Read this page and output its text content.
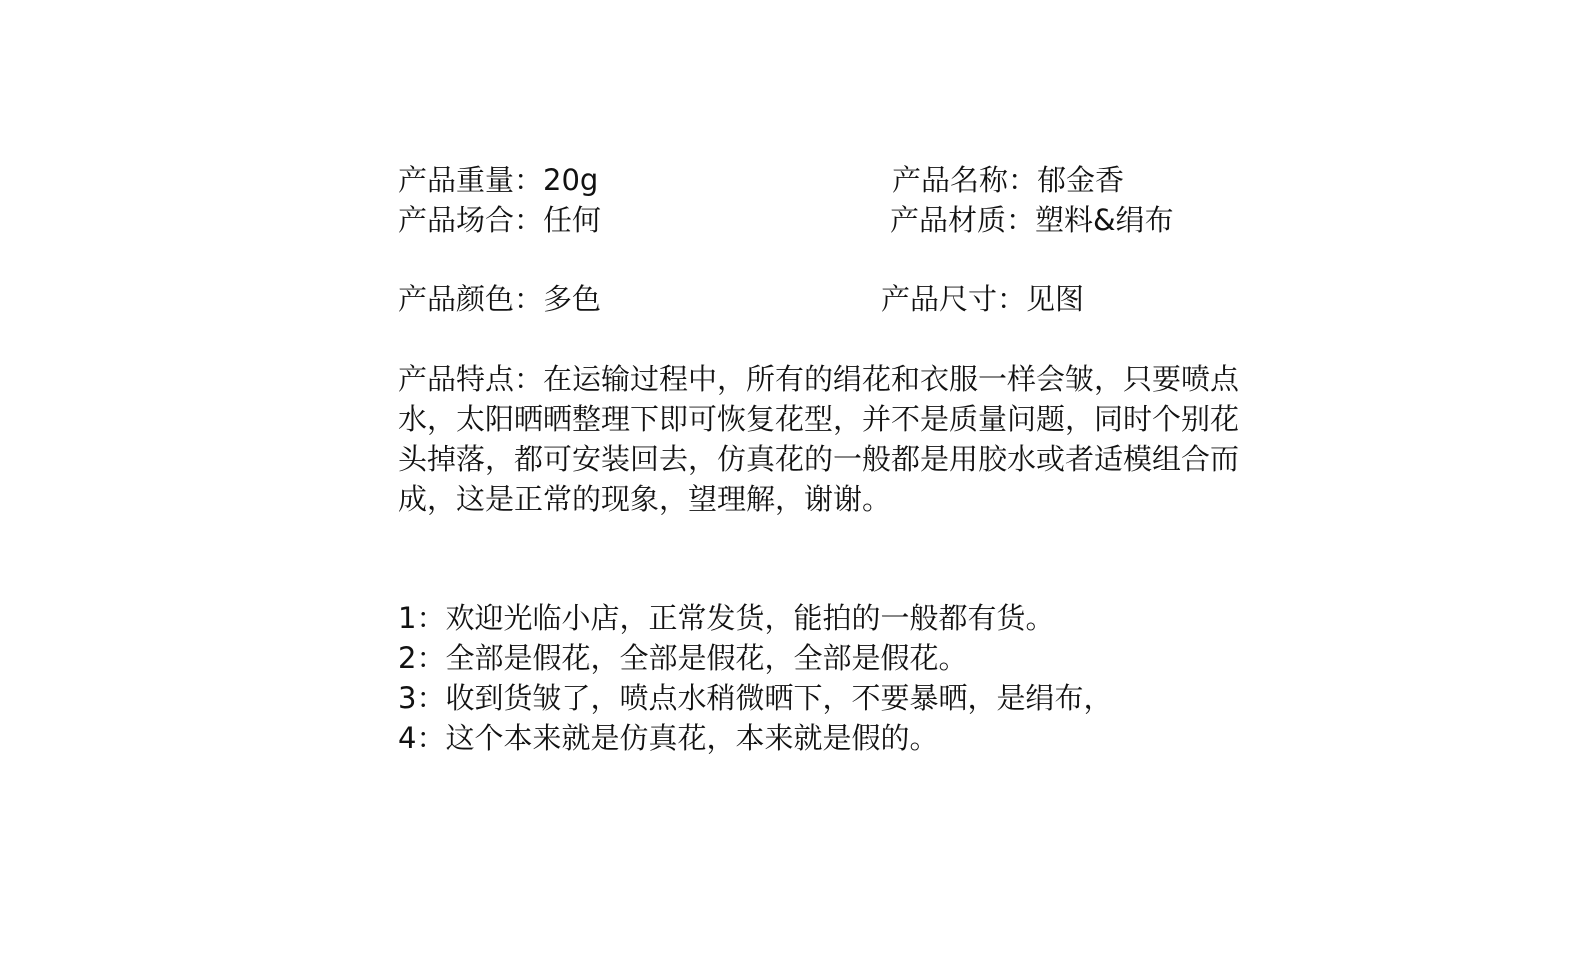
产品重量：20g	产品名称：郁金香
产品场合：任何	产品材质：塑料&绢布
产品颜色：多色	产品尺寸：见图
产品特点：在运输过程中，所有的绢花和衣服一样会皱，只要喷点水，太阳晒晒整理下即可恢复花型，并不是质量问题，同时个别花头掉落，都可安装回去，仿真花的一般都是用胶水或者适模组合而成，这是正常的现象，望理解，谢谢。
1：欢迎光临小店，正常发货，能拍的一般都有货。
2：全部是假花，全部是假花，全部是假花。
3：收到货皱了，喷点水稍微晒下，不要暴晒，是绢布，
4：这个本来就是仿真花，本来就是假的。
